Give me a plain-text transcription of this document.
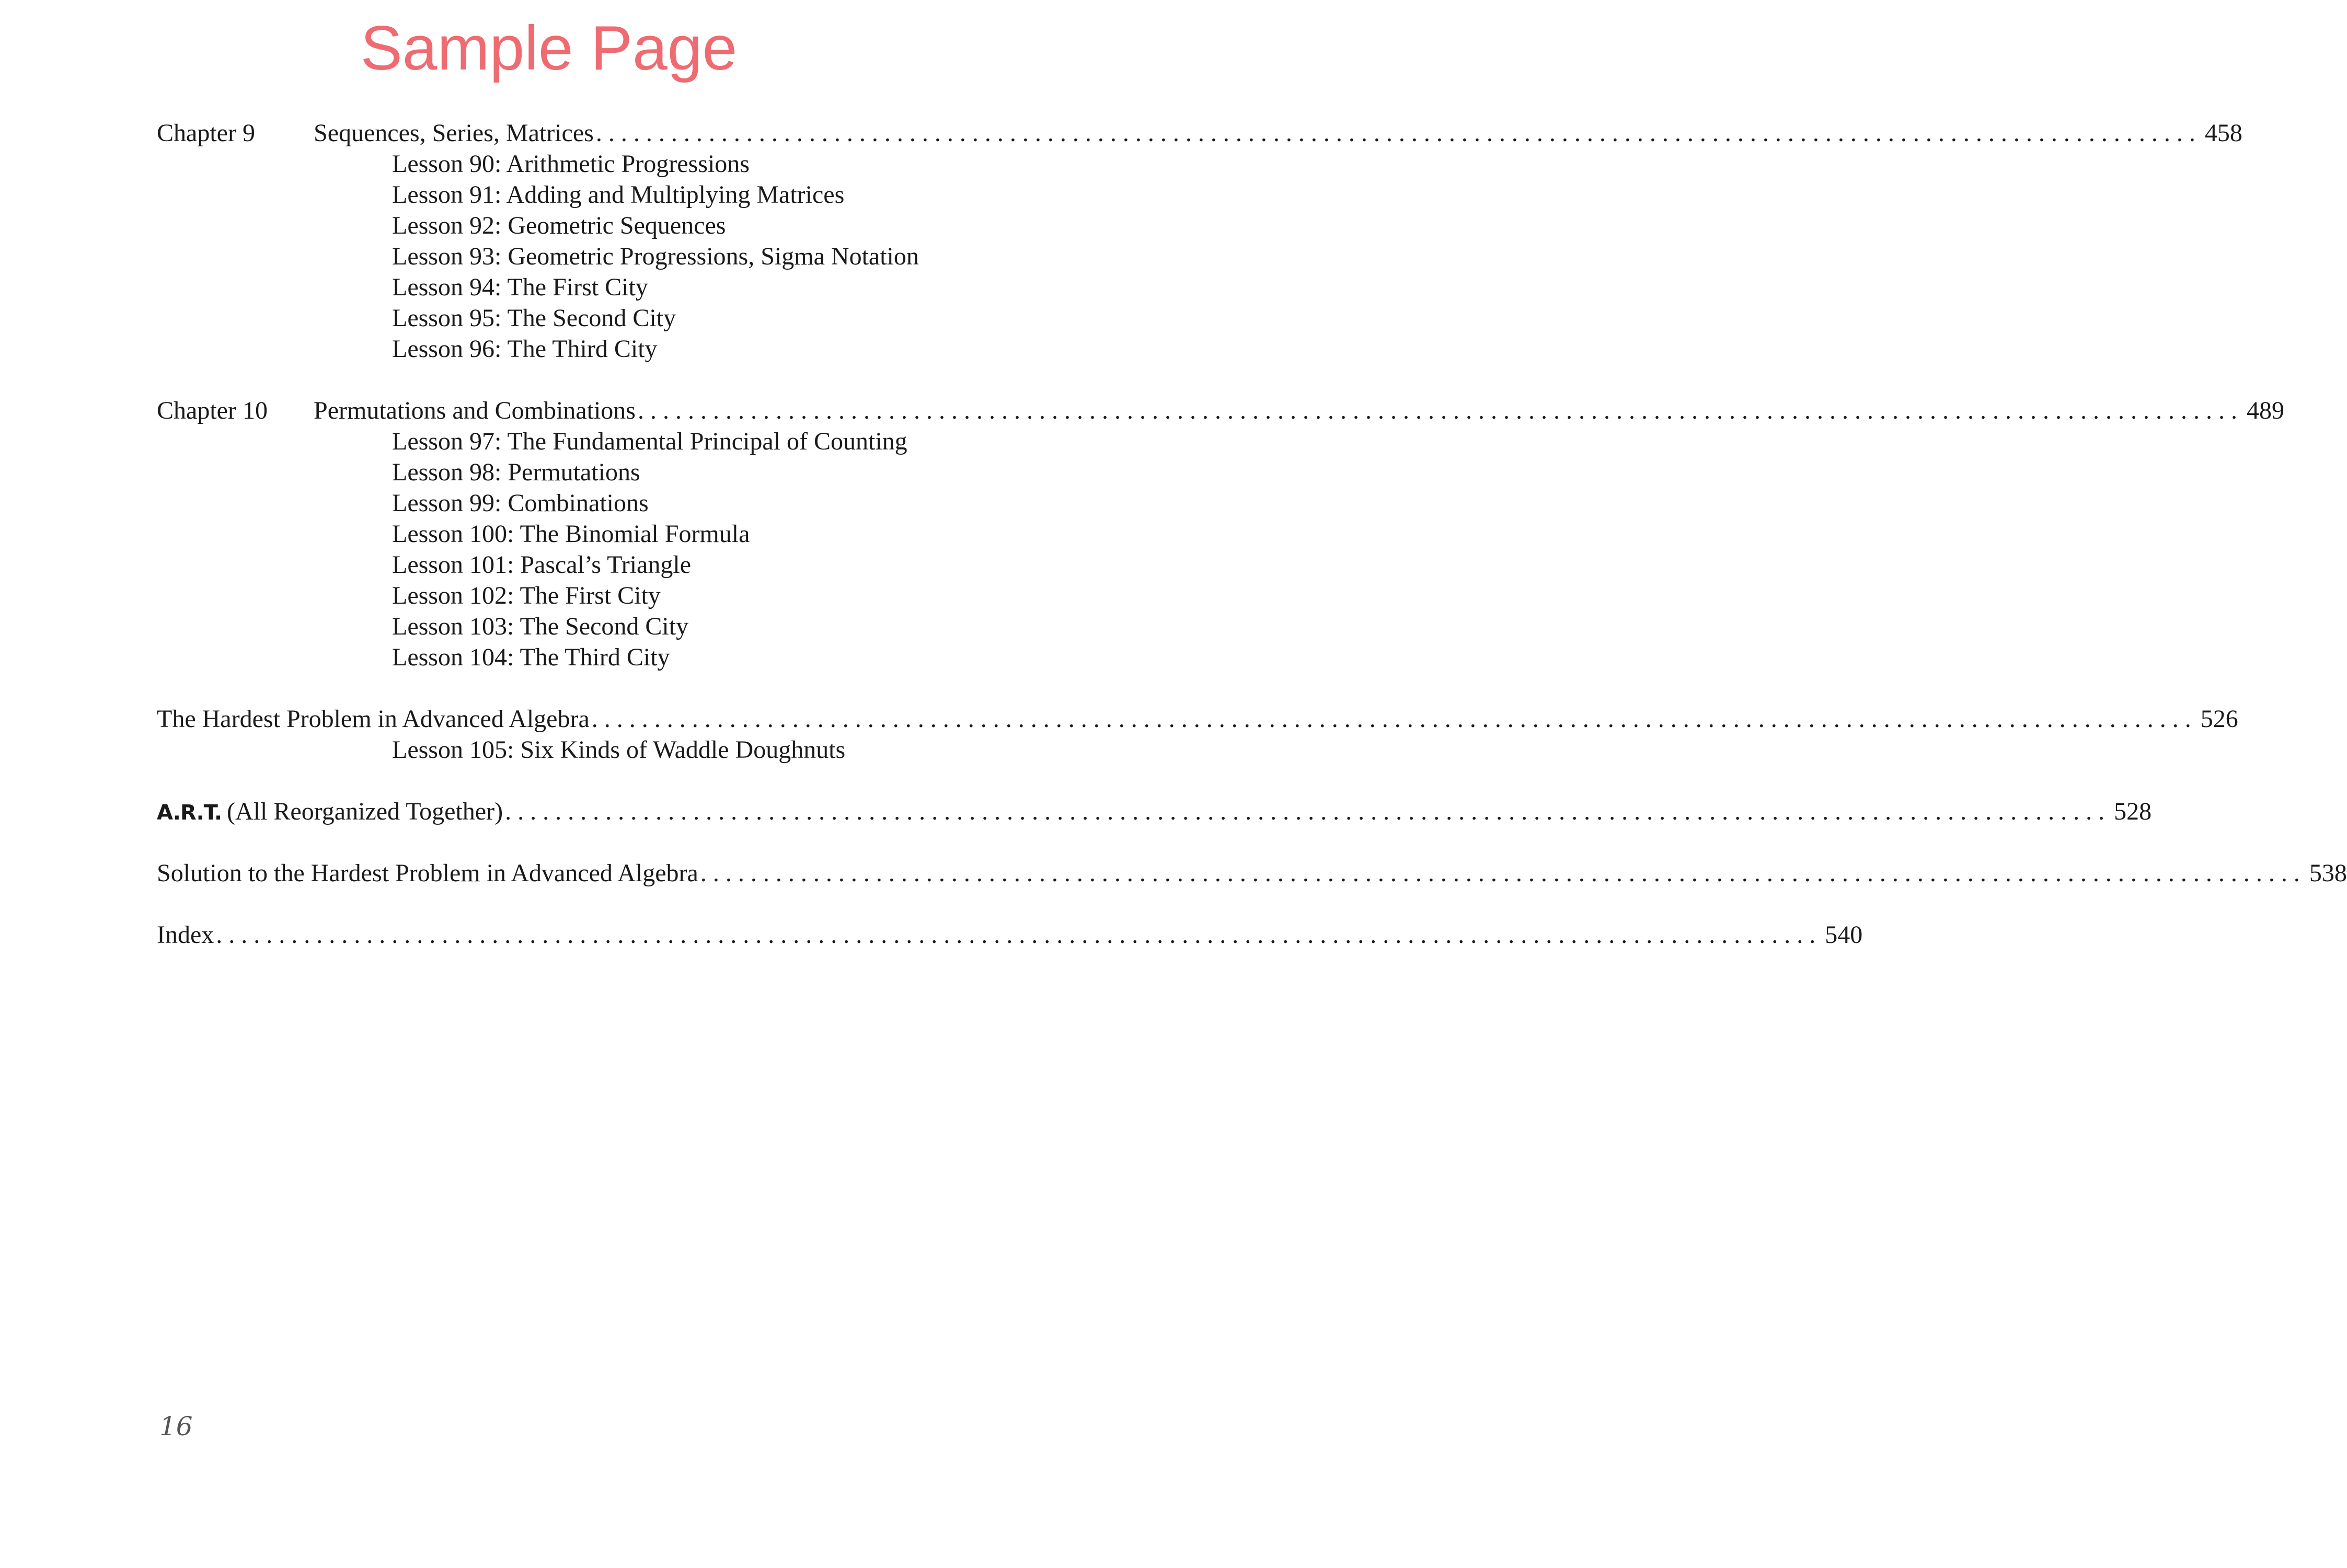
Sample Page
Chapter 9	Sequences, Series, Matrices ................................................................................................................................ 458
Lesson 90: Arithmetic Progressions
Lesson 91: Adding and Multiplying Matrices
Lesson 92: Geometric Sequences
Lesson 93: Geometric Progressions, Sigma Notation
Lesson 94: The First City
Lesson 95: The Second City
Lesson 96: The Third City
Chapter 10	Permutations and Combinations ................................................................................................................................ 489
Lesson 97: The Fundamental Principal of Counting
Lesson 98: Permutations
Lesson 99: Combinations
Lesson 100: The Binomial Formula
Lesson 101: Pascal’s Triangle
Lesson 102: The First City
Lesson 103: The Second City
Lesson 104: The Third City
The Hardest Problem in Advanced Algebra ................................................................................................................................ 526
Lesson 105: Six Kinds of Waddle Doughnuts
A.R.T. (All Reorganized Together) ................................................................................................................................ 528
Solution to the Hardest Problem in Advanced Algebra ................................................................................................................................ 538
Index ................................................................................................................................ 540
16
